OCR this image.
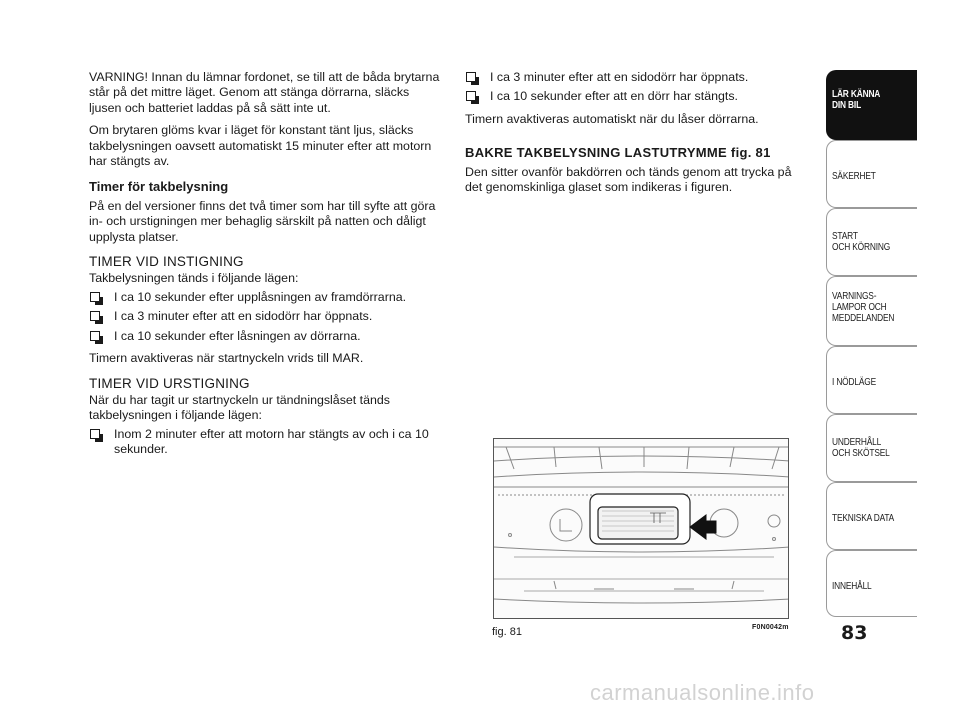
VARNING! Innan du lämnar fordonet, se till att de båda brytarna står på det mittre läget. Genom att stänga dörrarna, släcks ljusen och batteriet laddas på så sätt inte ut.

Om brytaren glöms kvar i läget för konstant tänt ljus, släcks takbelysningen oavsett automatiskt 15 minuter efter att motorn har stängts av.

Timer för takbelysning

På en del versioner finns det två timer som har till syfte att göra in- och urstigningen mer behaglig särskilt på natten och dåligt upplysta platser.

TIMER VID INSTIGNING

Takbelysningen tänds i följande lägen:

I ca 10 sekunder efter upplåsningen av framdörrarna.
I ca 3 minuter efter att en sidodörr har öppnats.
I ca 10 sekunder efter låsningen av dörrarna.

Timern avaktiveras när startnyckeln vrids till MAR.

TIMER VID URSTIGNING

När du har tagit ur startnyckeln ur tändningslåset tänds takbelysningen i följande lägen:

Inom 2 minuter efter att motorn har stängts av och i ca 10 sekunder.
I ca 3 minuter efter att en sidodörr har öppnats.
I ca 10 sekunder efter att en dörr har stängts.

Timern avaktiveras automatiskt när du låser dörrarna.

BAKRE TAKBELYSNING LASTUTRYMME fig. 81

Den sitter ovanför bakdörren och tänds genom att trycka på det genomskinliga glaset som indikeras i figuren.

fig. 81	F0N0042m
LÄR KÄNNA
DIN BIL
SÄKERHET
START
OCH KÖRNING
VARNINGS-
LAMPOR OCH
MEDDELANDEN
I NÖDLÄGE
UNDERHÅLL
OCH SKÖTSEL
TEKNISKA DATA
INNEHÅLL
83
carmanualsonline.info
